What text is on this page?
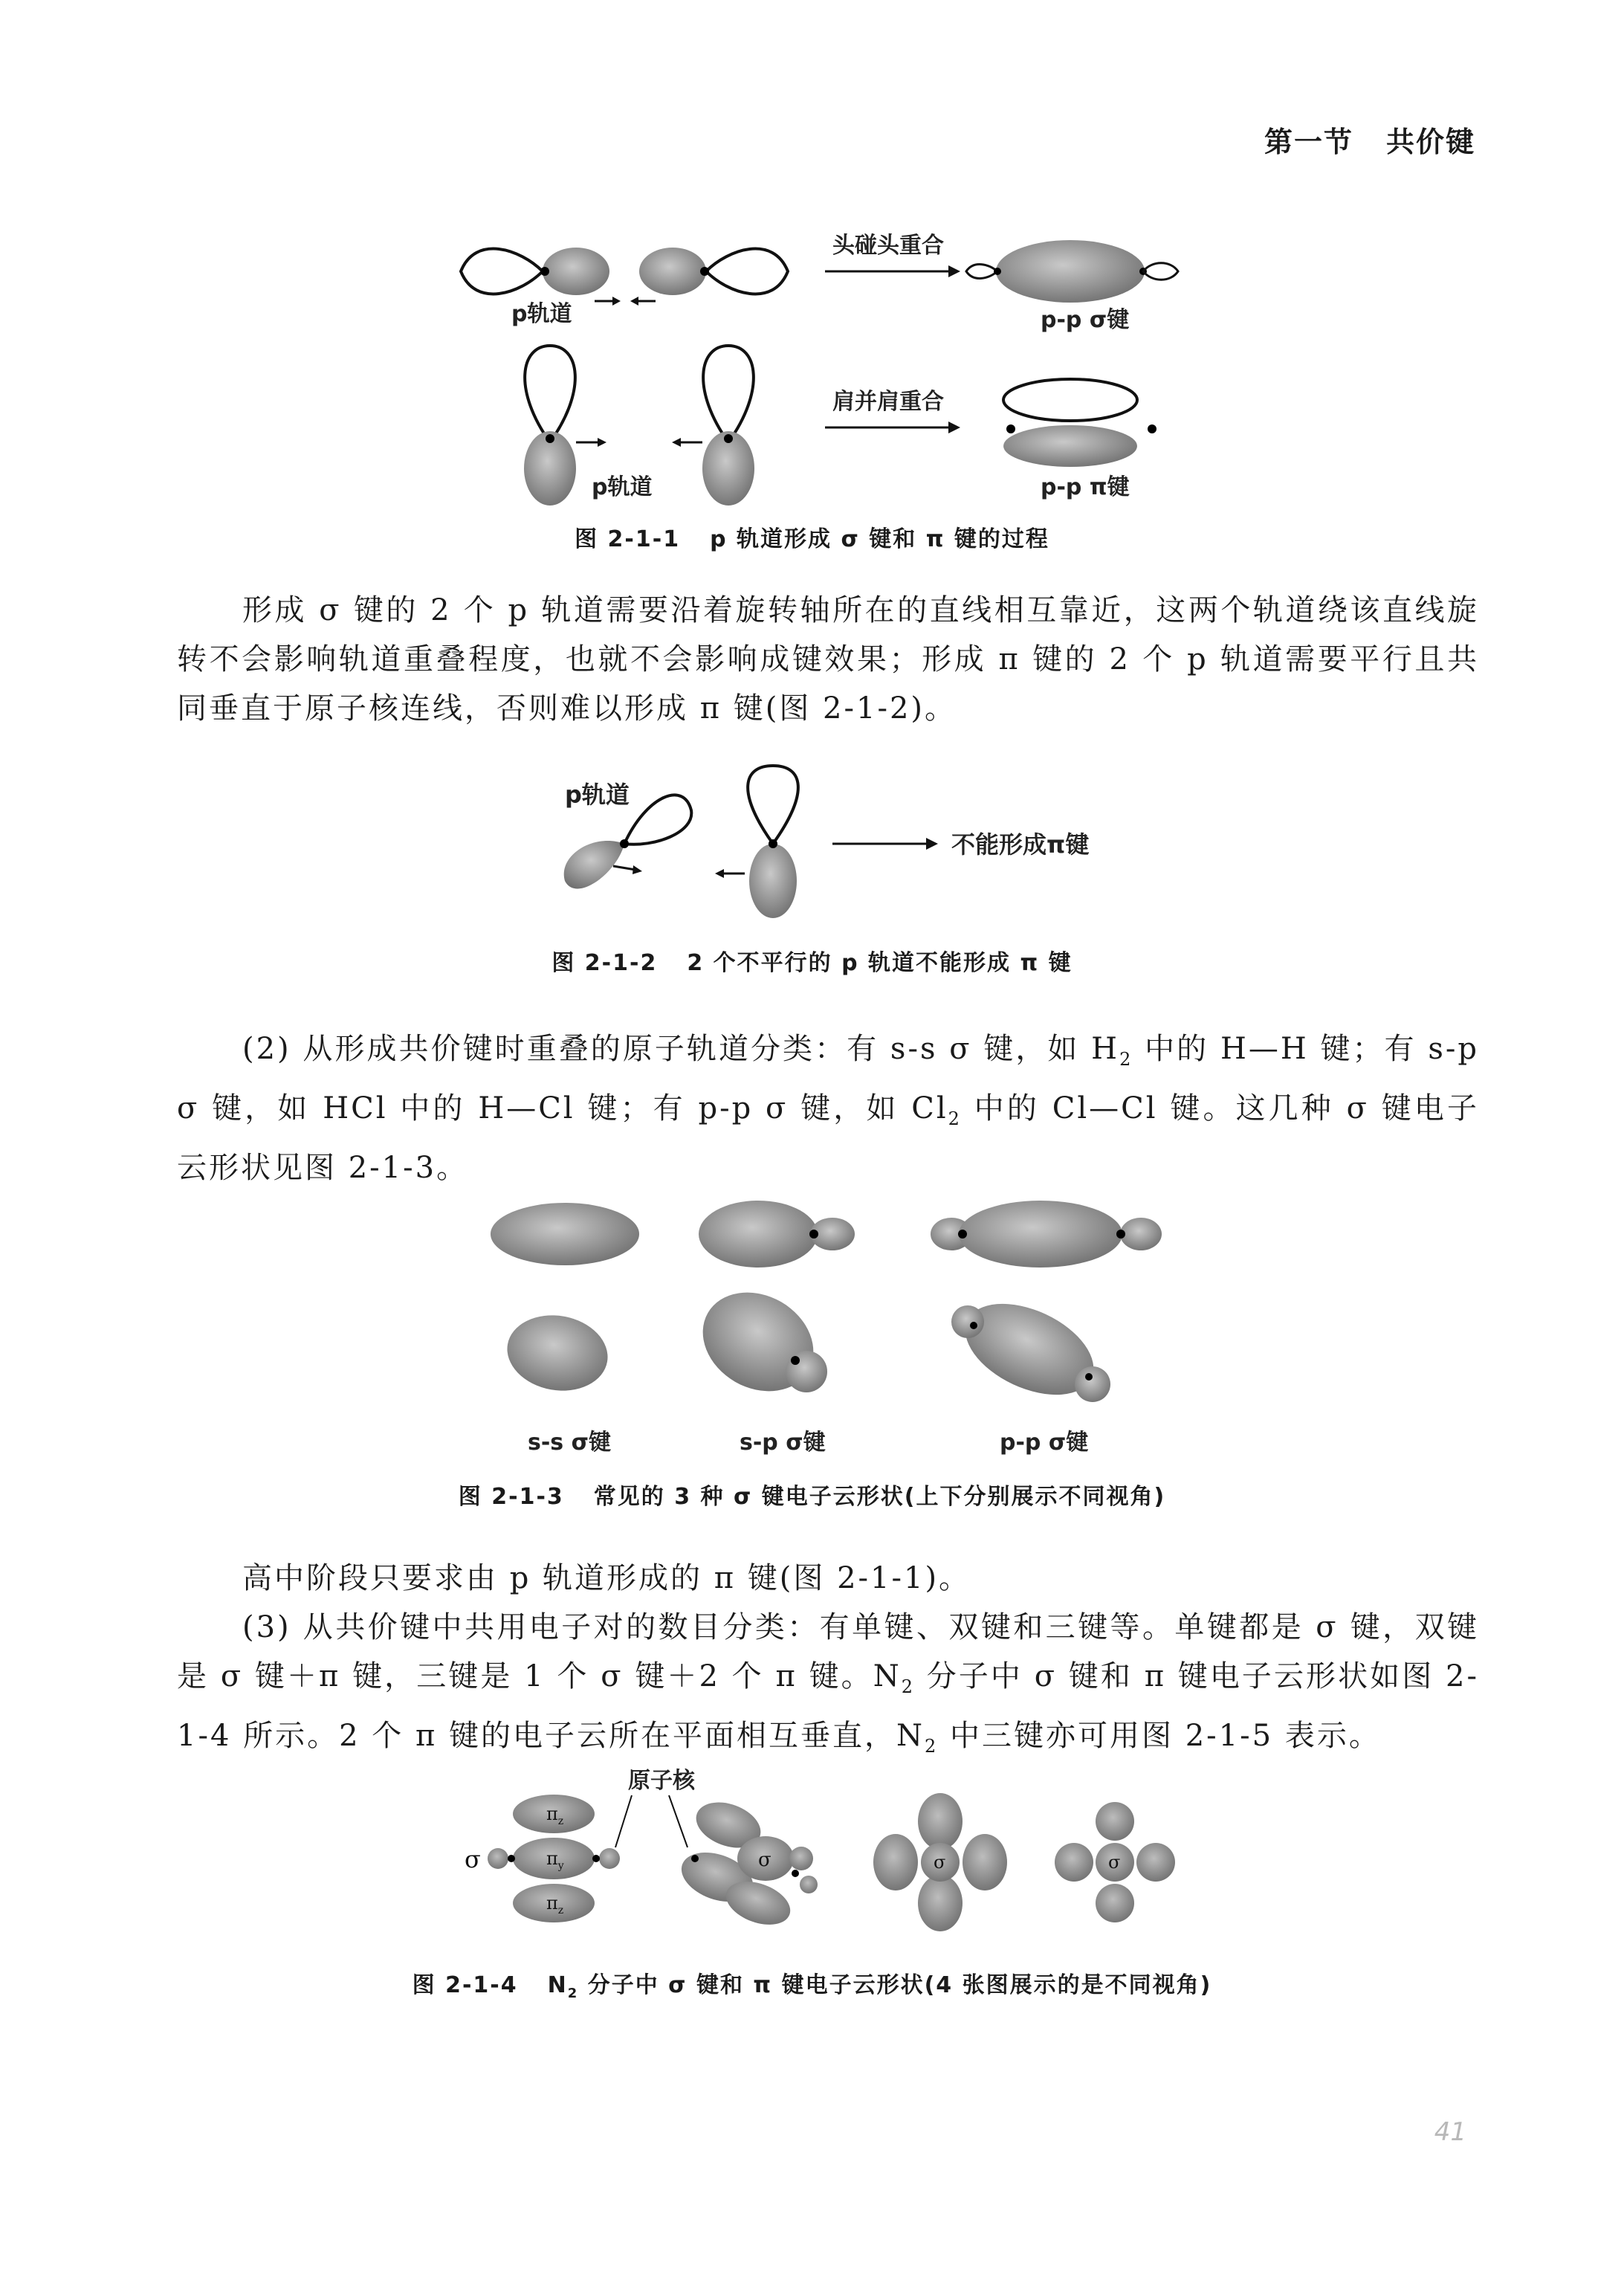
第一节 共价键
p轨道
头碰头重合
p-p σ键
p轨道
肩并肩重合
p-p π键
图 2-1-1 p 轨道形成 σ 键和 π 键的过程

形成 σ 键的 2 个 p 轨道需要沿着旋转轴所在的直线相互靠近，这两个轨道绕该直线旋转不会影响轨道重叠程度，也就不会影响成键效果；形成 π 键的 2 个 p 轨道需要平行且共同垂直于原子核连线，否则难以形成 π 键(图 2-1-2)。

p轨道
不能形成π键
图 2-1-2 2 个不平行的 p 轨道不能形成 π 键

(2) 从形成共价键时重叠的原子轨道分类：有 s-s σ 键，如 $H_2$ 中的 H—H 键；有 s-p σ 键，如 HCl 中的 H—Cl 键；有 p-p σ 键，如 $Cl_2$ 中的 Cl—Cl 键。这几种 σ 键电子云形状见图 2-1-3。

s-s σ键	s-p σ键	p-p σ键
图 2-1-3 常见的 3 种 σ 键电子云形状(上下分别展示不同视角)

高中阶段只要求由 p 轨道形成的 π 键(图 2-1-1)。

(3) 从共价键中共用电子对的数目分类：有单键、双键和三键等。单键都是 σ 键，双键是 σ 键＋π 键，三键是 1 个 σ 键＋2 个 π 键。$N_2$ 分子中 σ 键和 π 键电子云形状如图 2-1-4 所示。2 个 π 键的电子云所在平面相互垂直，$N_2$ 中三键亦可用图 2-1-5 表示。

σ
$\pi_z$
$\pi_y$
$\pi_z$
原子核
σ	σ	σ
图 2-1-4 $N_2$ 分子中 σ 键和 π 键电子云形状(4 张图展示的是不同视角)
41
